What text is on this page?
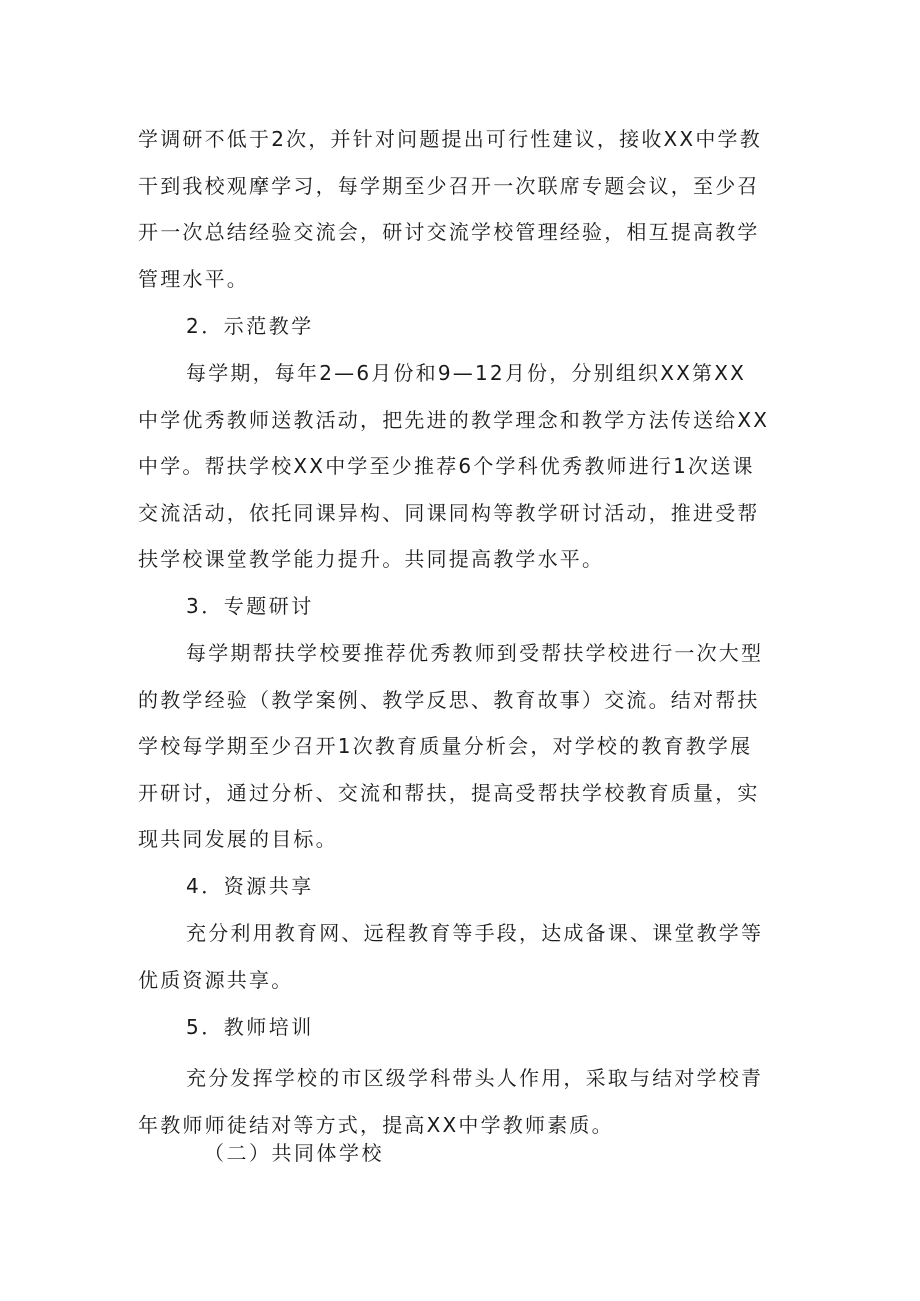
学调研不低于2次，并针对问题提出可行性建议，接收XX中学教
干到我校观摩学习，每学期至少召开一次联席专题会议，至少召
开一次总结经验交流会，研讨交流学校管理经验，相互提高教学
管理水平。
2．示范教学
每学期，每年2—6月份和9—12月份，分别组织XX第XX
中学优秀教师送教活动，把先进的教学理念和教学方法传送给XX
中学。帮扶学校XX中学至少推荐6个学科优秀教师进行1次送课
交流活动，依托同课异构、同课同构等教学研讨活动，推进受帮
扶学校课堂教学能力提升。共同提高教学水平。
3．专题研讨
每学期帮扶学校要推荐优秀教师到受帮扶学校进行一次大型
的教学经验（教学案例、教学反思、教育故事）交流。结对帮扶
学校每学期至少召开1次教育质量分析会，对学校的教育教学展
开研讨，通过分析、交流和帮扶，提高受帮扶学校教育质量，实
现共同发展的目标。
4．资源共享
充分利用教育网、远程教育等手段，达成备课、课堂教学等
优质资源共享。
5．教师培训
充分发挥学校的市区级学科带头人作用，采取与结对学校青
年教师师徒结对等方式，提高XX中学教师素质。
（二）共同体学校
